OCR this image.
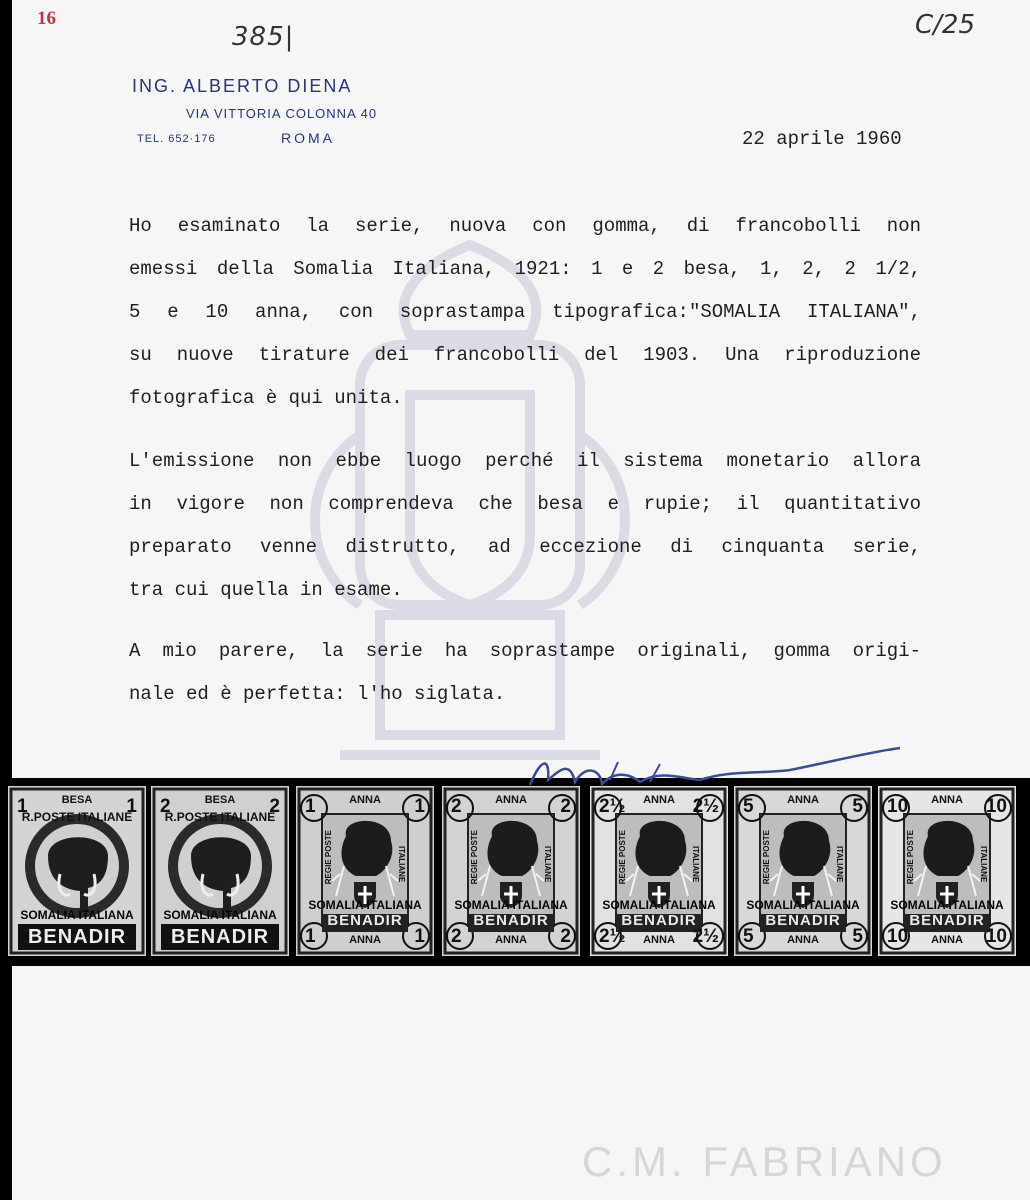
16
385|	C/25
ING. ALBERTO DIENA
VIA VITTORIA COLONNA 40
TEL. 652·176	ROMA	22 aprile 1960
Ho esaminato la serie, nuova con gomma, di francobolli non
emessi della Somalia Italiana, 1921: 1 e 2 besa, 1, 2, 2 1/2,
5 e 10 anna, con soprastampa tipografica:"SOMALIA ITALIANA",
su nuove tirature dei francobolli del 1903. Una riproduzione
fotografica è qui unita.
L'emissione non ebbe luogo perché il sistema monetario allora
in vigore non comprendeva che besa e rupie; il quantitativo
preparato venne distrutto, ad eccezione di cinquanta serie,
tra cui quella in esame.
A mio parere, la serie ha soprastampe originali, gomma origi-
nale ed è perfetta: l'ho siglata.
1	1
BESA
R.POSTE ITALIANE
BENADIR
SOMALIA ITALIANA
2	2
BESA
R.POSTE ITALIANE
BENADIR
SOMALIA ITALIANA
1	1
ANNA
1	1
ANNA
BENADIR
REGIE POSTE	ITALIANE
SOMALIA ITALIANA
2	2
ANNA
2	2
ANNA
BENADIR
REGIE POSTE	ITALIANE
SOMALIA ITALIANA
2½	2½
ANNA
2½	2½
ANNA
BENADIR
REGIE POSTE	ITALIANE
SOMALIA ITALIANA
5	5
ANNA
5	5
ANNA
BENADIR
REGIE POSTE	ITALIANE
SOMALIA ITALIANA
10	10
ANNA
10	10
ANNA
BENADIR
REGIE POSTE	ITALIANE
SOMALIA ITALIANA
C.M. FABRIANO
